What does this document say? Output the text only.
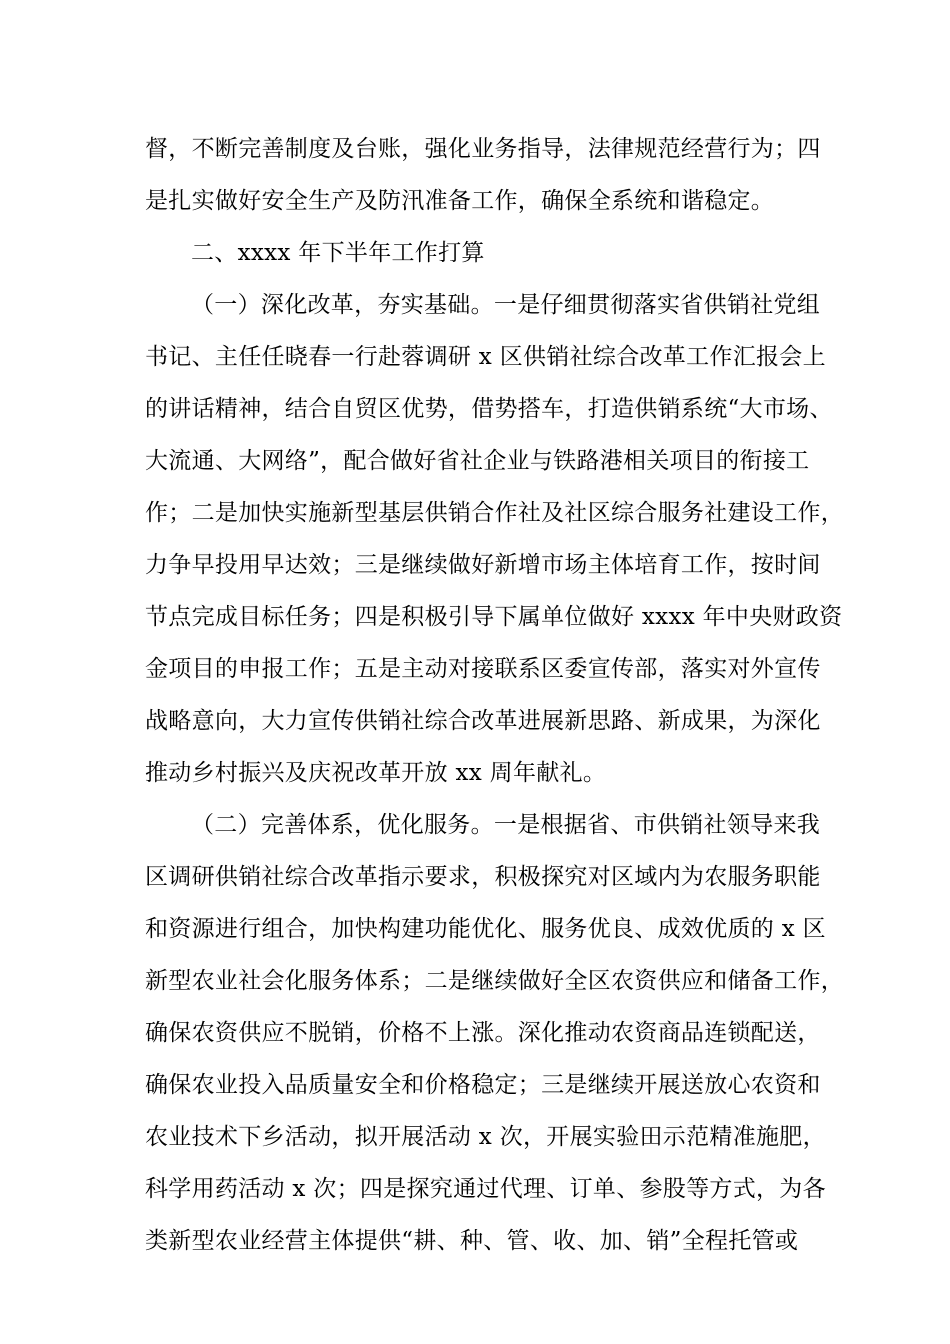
督，不断完善制度及台账，强化业务指导，法律规范经营行为；四
是扎实做好安全生产及防汛准备工作，确保全系统和谐稳定。
二、xxxx 年下半年工作打算
（一）深化改革，夯实基础。一是仔细贯彻落实省供销社党组
书记、主任任晓春一行赴蓉调研 x 区供销社综合改革工作汇报会上
的讲话精神，结合自贸区优势，借势搭车，打造供销系统“大市场、
大流通、大网络”，配合做好省社企业与铁路港相关项目的衔接工
作；二是加快实施新型基层供销合作社及社区综合服务社建设工作，
力争早投用早达效；三是继续做好新增市场主体培育工作，按时间
节点完成目标任务；四是积极引导下属单位做好 xxxx 年中央财政资
金项目的申报工作；五是主动对接联系区委宣传部，落实对外宣传
战略意向，大力宣传供销社综合改革进展新思路、新成果，为深化
推动乡村振兴及庆祝改革开放 xx 周年献礼。
（二）完善体系，优化服务。一是根据省、市供销社领导来我
区调研供销社综合改革指示要求，积极探究对区域内为农服务职能
和资源进行组合，加快构建功能优化、服务优良、成效优质的 x 区
新型农业社会化服务体系；二是继续做好全区农资供应和储备工作，
确保农资供应不脱销，价格不上涨。深化推动农资商品连锁配送，
确保农业投入品质量安全和价格稳定；三是继续开展送放心农资和
农业技术下乡活动，拟开展活动 x 次，开展实验田示范精准施肥，
科学用药活动 x 次；四是探究通过代理、订单、参股等方式，为各
类新型农业经营主体提供“耕、种、管、收、加、销”全程托管或
